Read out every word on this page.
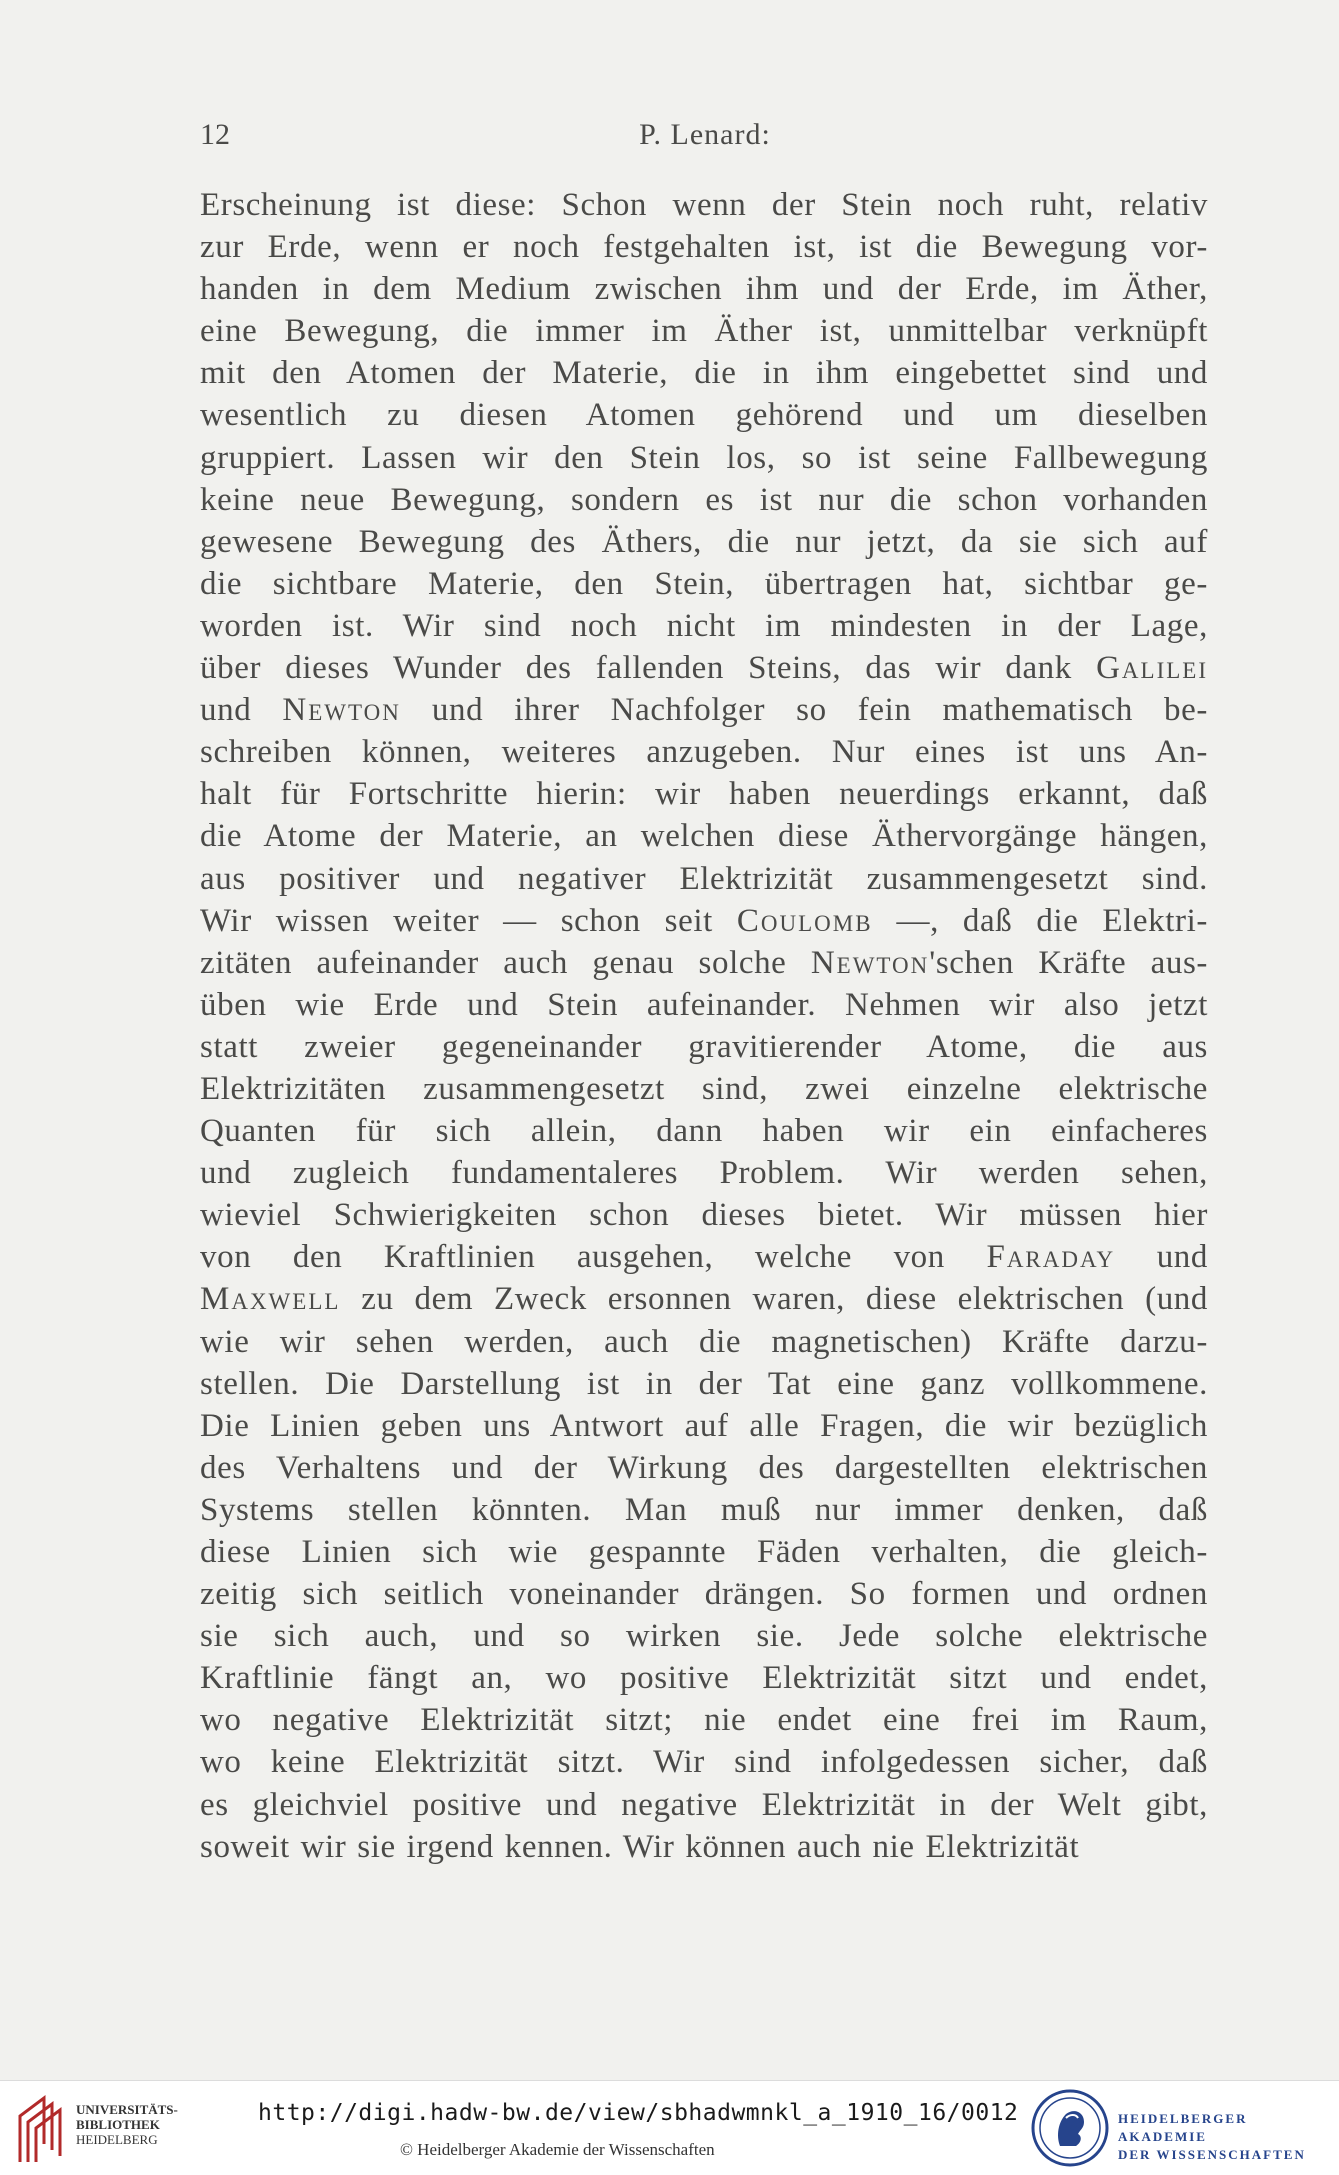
12	P. Lenard:
Erscheinung ist diese: Schon wenn der Stein noch ruht, relativ
zur Erde, wenn er noch festgehalten ist, ist die Bewegung vor-
handen in dem Medium zwischen ihm und der Erde, im Äther,
eine Bewegung, die immer im Äther ist, unmittelbar verknüpft
mit den Atomen der Materie, die in ihm eingebettet sind und
wesentlich zu diesen Atomen gehörend und um dieselben
gruppiert. Lassen wir den Stein los, so ist seine Fallbewegung
keine neue Bewegung, sondern es ist nur die schon vorhanden
gewesene Bewegung des Äthers, die nur jetzt, da sie sich auf
die sichtbare Materie, den Stein, übertragen hat, sichtbar ge-
worden ist. Wir sind noch nicht im mindesten in der Lage,
über dieses Wunder des fallenden Steins, das wir dank Galilei
und Newton und ihrer Nachfolger so fein mathematisch be-
schreiben können, weiteres anzugeben. Nur eines ist uns An-
halt für Fortschritte hierin: wir haben neuerdings erkannt, daß
die Atome der Materie, an welchen diese Äthervorgänge hängen,
aus positiver und negativer Elektrizität zusammengesetzt sind.
Wir wissen weiter — schon seit Coulomb —, daß die Elektri-
zitäten aufeinander auch genau solche Newton'schen Kräfte aus-
üben wie Erde und Stein aufeinander. Nehmen wir also jetzt
statt zweier gegeneinander gravitierender Atome, die aus
Elektrizitäten zusammengesetzt sind, zwei einzelne elektrische
Quanten für sich allein, dann haben wir ein einfacheres
und zugleich fundamentaleres Problem. Wir werden sehen,
wieviel Schwierigkeiten schon dieses bietet. Wir müssen hier
von den Kraftlinien ausgehen, welche von Faraday und
Maxwell zu dem Zweck ersonnen waren, diese elektrischen (und
wie wir sehen werden, auch die magnetischen) Kräfte darzu-
stellen. Die Darstellung ist in der Tat eine ganz vollkommene.
Die Linien geben uns Antwort auf alle Fragen, die wir bezüglich
des Verhaltens und der Wirkung des dargestellten elektrischen
Systems stellen könnten. Man muß nur immer denken, daß
diese Linien sich wie gespannte Fäden verhalten, die gleich-
zeitig sich seitlich voneinander drängen. So formen und ordnen
sie sich auch, und so wirken sie. Jede solche elektrische
Kraftlinie fängt an, wo positive Elektrizität sitzt und endet,
wo negative Elektrizität sitzt; nie endet eine frei im Raum,
wo keine Elektrizität sitzt. Wir sind infolgedessen sicher, daß
es gleichviel positive und negative Elektrizität in der Welt gibt,
soweit wir sie irgend kennen. Wir können auch nie Elektrizität
UNIVERSITÄTS-
BIBLIOTHEK
HEIDELBERG
http://digi.hadw-bw.de/view/sbhadwmnkl_a_1910_16/0012
© Heidelberger Akademie der Wissenschaften
HEIDELBERGER AKADEMIE
DER WISSENSCHAFTEN
